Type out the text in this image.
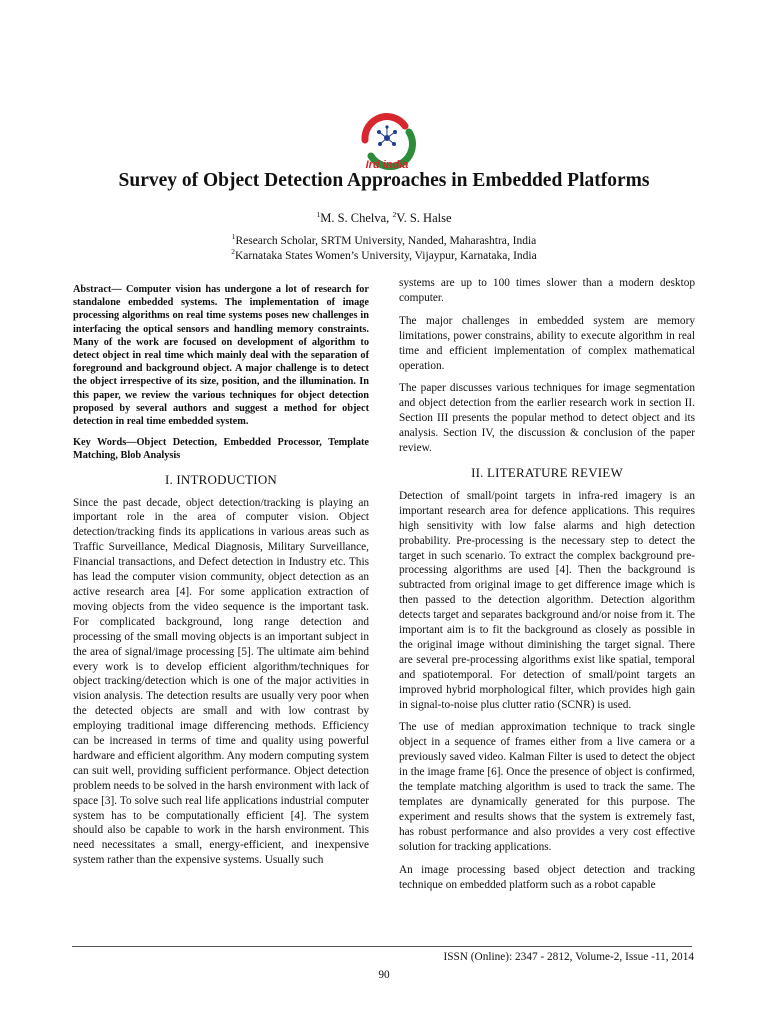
Ird india
Survey of Object Detection Approaches in Embedded Platforms
$^1$M. S. Chelva, $^2$V. S. Halse
$^1$Research Scholar, SRTM University, Nanded, Maharashtra, India
$^2$Karnataka States Women’s University, Vijaypur, Karnataka, India

Abstract— Computer vision has undergone a lot of research for standalone embedded systems. The implementation of image processing algorithms on real time systems poses new challenges in interfacing the optical sensors and handling memory constraints. Many of the work are focused on development of algorithm to detect object in real time which mainly deal with the separation of foreground and background object. A major challenge is to detect the object irrespective of its size, position, and the illumination. In this paper, we review the various techniques for object detection proposed by several authors and suggest a method for object detection in real time embedded system.

Key Words—Object Detection, Embedded Processor, Template Matching, Blob Analysis

I. INTRODUCTION

Since the past decade, object detection/tracking is playing an important role in the area of computer vision. Object detection/tracking finds its applications in various areas such as Traffic Surveillance, Medical Diagnosis, Military Surveillance, Financial transactions, and Defect detection in Industry etc. This has lead the computer vision community, object detection as an active research area [4]. For some application extraction of moving objects from the video sequence is the important task. For complicated background, long range detection and processing of the small moving objects is an important subject in the area of signal/image processing [5]. The ultimate aim behind every work is to develop efficient algorithm/techniques for object tracking/detection which is one of the major activities in vision analysis. The detection results are usually very poor when the detected objects are small and with low contrast by employing traditional image differencing methods. Efficiency can be increased in terms of time and quality using powerful hardware and efficient algorithm. Any modern computing system can suit well, providing sufficient performance. Object detection problem needs to be solved in the harsh environment with lack of space [3]. To solve such real life applications industrial computer system has to be computationally efficient [4]. The system should also be capable to work in the harsh environment. This need necessitates a small, energy-efficient, and inexpensive system rather than the expensive systems. Usually such

systems are up to 100 times slower than a modern desktop computer.

The major challenges in embedded system are memory limitations, power constrains, ability to execute algorithm in real time and efficient implementation of complex mathematical operation.

The paper discusses various techniques for image segmentation and object detection from the earlier research work in section II. Section III presents the popular method to detect object and its analysis. Section IV, the discussion & conclusion of the paper review.

II. LITERATURE REVIEW

Detection of small/point targets in infra-red imagery is an important research area for defence applications. This requires high sensitivity with low false alarms and high detection probability. Pre-processing is the necessary step to detect the target in such scenario. To extract the complex background pre-processing algorithms are used [4]. Then the background is subtracted from original image to get difference image which is then passed to the detection algorithm. Detection algorithm detects target and separates background and/or noise from it. The important aim is to fit the background as closely as possible in the original image without diminishing the target signal. There are several pre-processing algorithms exist like spatial, temporal and spatiotemporal. For detection of small/point targets an improved hybrid morphological filter, which provides high gain in signal-to-noise plus clutter ratio (SCNR) is used.

The use of median approximation technique to track single object in a sequence of frames either from a live camera or a previously saved video. Kalman Filter is used to detect the object in the image frame [6]. Once the presence of object is confirmed, the template matching algorithm is used to track the same. The templates are dynamically generated for this purpose. The experiment and results shows that the system is extremely fast, has robust performance and also provides a very cost effective solution for tracking applications.

An image processing based object detection and tracking technique on embedded platform such as a robot capable

ISSN (Online): 2347 - 2812, Volume-2, Issue -11, 2014
90
